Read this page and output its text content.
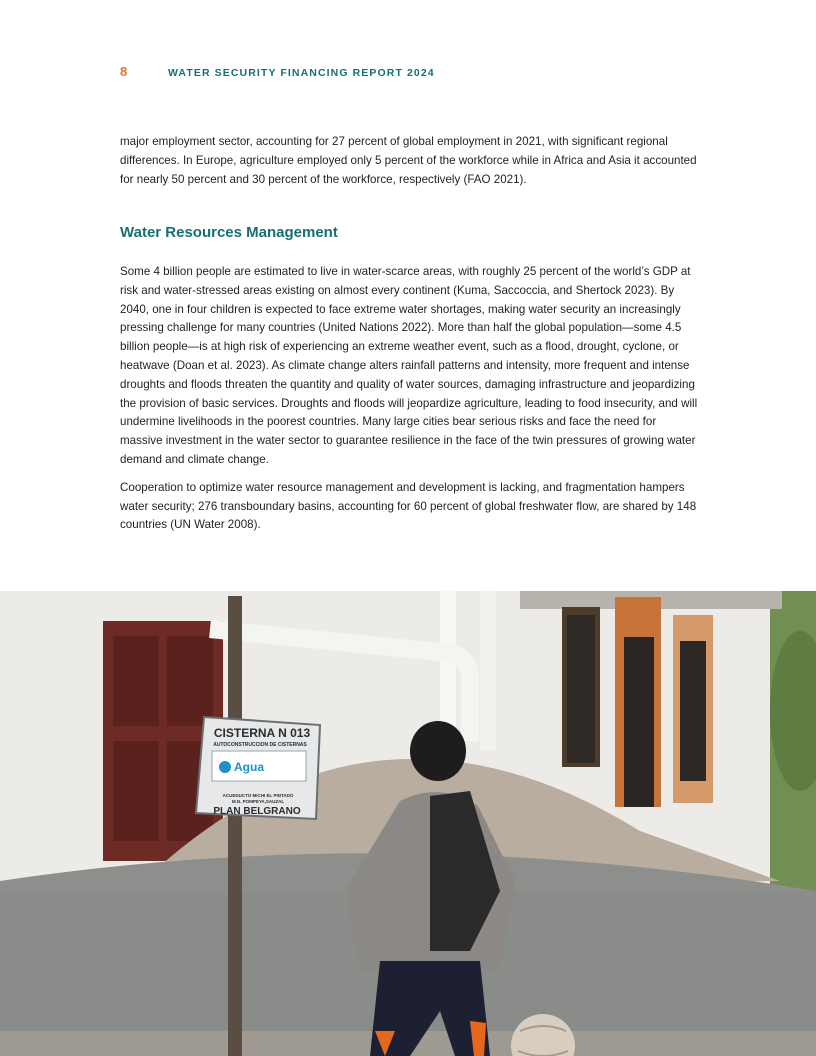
8	WATER SECURITY FINANCING REPORT 2024

major employment sector, accounting for 27 percent of global employment in 2021, with significant regional differences. In Europe, agriculture employed only 5 percent of the workforce while in Africa and Asia it accounted for nearly 50 percent and 30 percent of the workforce, respectively (FAO 2021).

Water Resources Management

Some 4 billion people are estimated to live in water-scarce areas, with roughly 25 percent of the world’s GDP at risk and water-stressed areas existing on almost every continent (Kuma, Saccoccia, and Shertock 2023). By 2040, one in four children is expected to face extreme water shortages, making water security an increasingly pressing challenge for many countries (United Nations 2022). More than half the global population—some 4.5 billion people—is at high risk of experiencing an extreme weather event, such as a flood, drought, cyclone, or heatwave (Doan et al. 2023). As climate change alters rainfall patterns and intensity, more frequent and intense droughts and floods threaten the quantity and quality of water sources, damaging infrastructure and jeopardizing the provision of basic services. Droughts and floods will jeopardize agriculture, leading to food insecurity, and will undermine livelihoods in the poorest countries. Many large cities bear serious risks and face the need for massive investment in the water sector to guarantee resilience in the face of the twin pressures of growing water demand and climate change.

Cooperation to optimize water resource management and development is lacking, and fragmentation hampers water security; 276 transboundary basins, accounting for 60 percent of global freshwater flow, are shared by 148 countries (UN Water 2008).

CISTERNA N 013
AUTOCONSTRUCCION DE CISTERNAS
Agua
ACUEDUCTO MICHI EL PINTADO
M.N. POMPEYA,SAUZAL
PLAN BELGRANO
